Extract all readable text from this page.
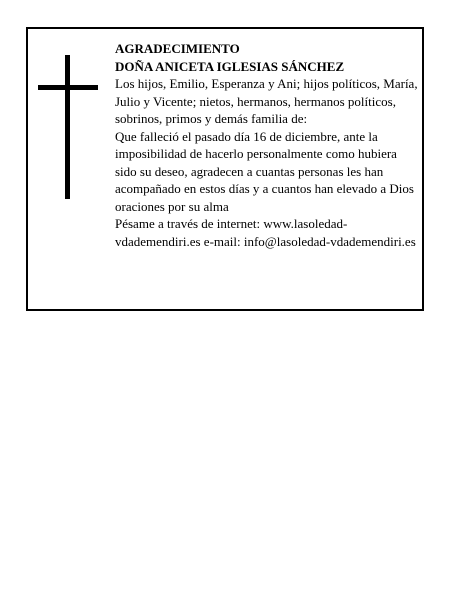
AGRADECIMIENTO
DOÑA ANICETA IGLESIAS SÁNCHEZ
Los hijos, Emilio, Esperanza y Ani; hijos políticos, María, Julio y Vicente; nietos, hermanos, hermanos políticos, sobrinos, primos y demás familia de:
Que falleció el pasado día 16 de diciembre, ante la imposibilidad de hacerlo personalmente como hubiera sido su deseo, agradecen a cuantas personas les han acompañado en estos días y a cuantos han elevado a Dios oraciones por su alma
Pésame a través de internet: www.lasoledad-vdademendiri.es e-mail: info@lasoledad-vdademendiri.es
